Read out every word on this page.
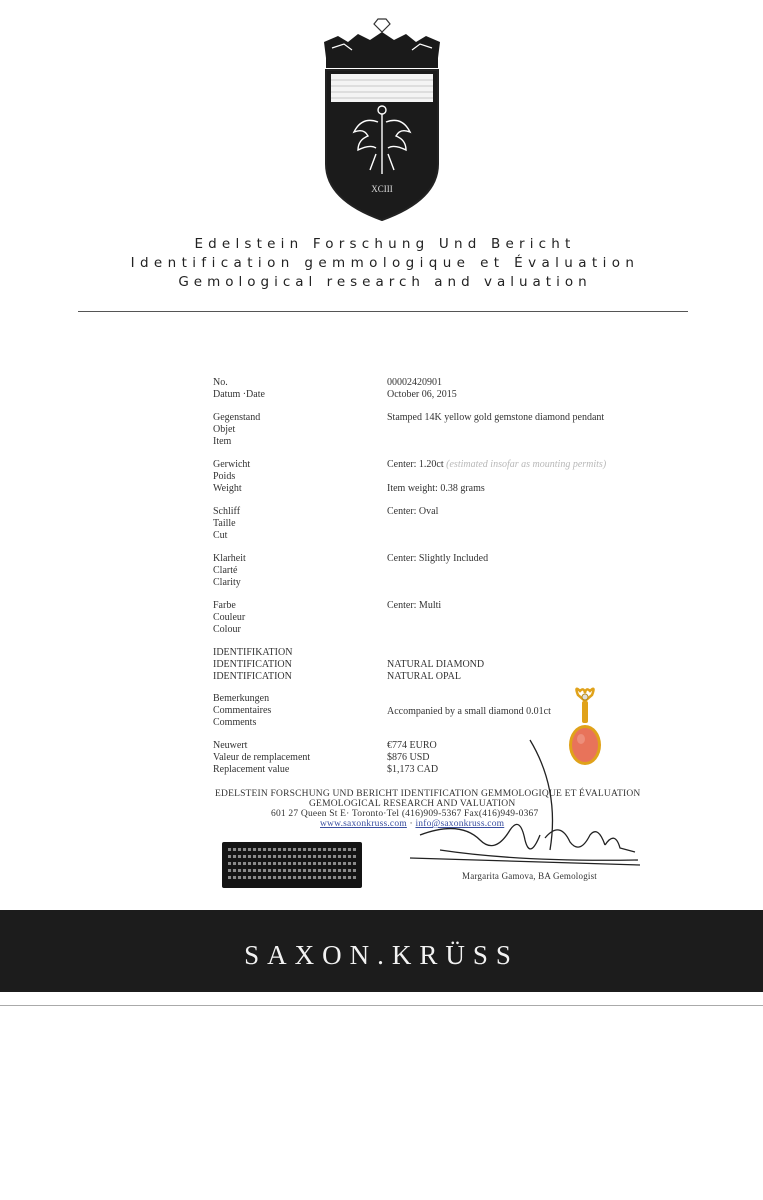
XCIII
Edelstein Forschung Und Bericht
Identification gemmologique et Évaluation
Gemological research and valuation
No.	00002420901
Datum ·Date	October 06, 2015
Gegenstand
Objet
Item
Stamped 14K yellow gold gemstone diamond pendant
Gerwicht
Poids
Weight
Center: 1.20ct (estimated insofar as mounting permits)
Item weight: 0.38 grams
Schliff
Taille
Cut
Center: Oval
Klarheit
Clarté
Clarity
Center: Slightly Included
Farbe
Couleur
Colour
Center: Multi
IDENTIFIKATION
IDENTIFICATION
IDENTIFICATION
NATURAL DIAMOND
NATURAL OPAL
Bemerkungen
Commentaires
Comments
Accompanied by a small diamond 0.01ct
Neuwert
Valeur de remplacement
Replacement value
€774 EURO
$876 USD
$1,173 CAD
EDELSTEIN FORSCHUNG UND BERICHT IDENTIFICATION GEMMOLOGIQUE ET ÉVALUATION
GEMOLOGICAL RESEARCH AND VALUATION
601 27 Queen St E· Toronto·Tel (416)909-5367 Fax(416)949-0367
www.saxonkruss.com · info@saxonkruss.com
Margarita Gamova, BA Gemologist
SAXON.KRÜSS
